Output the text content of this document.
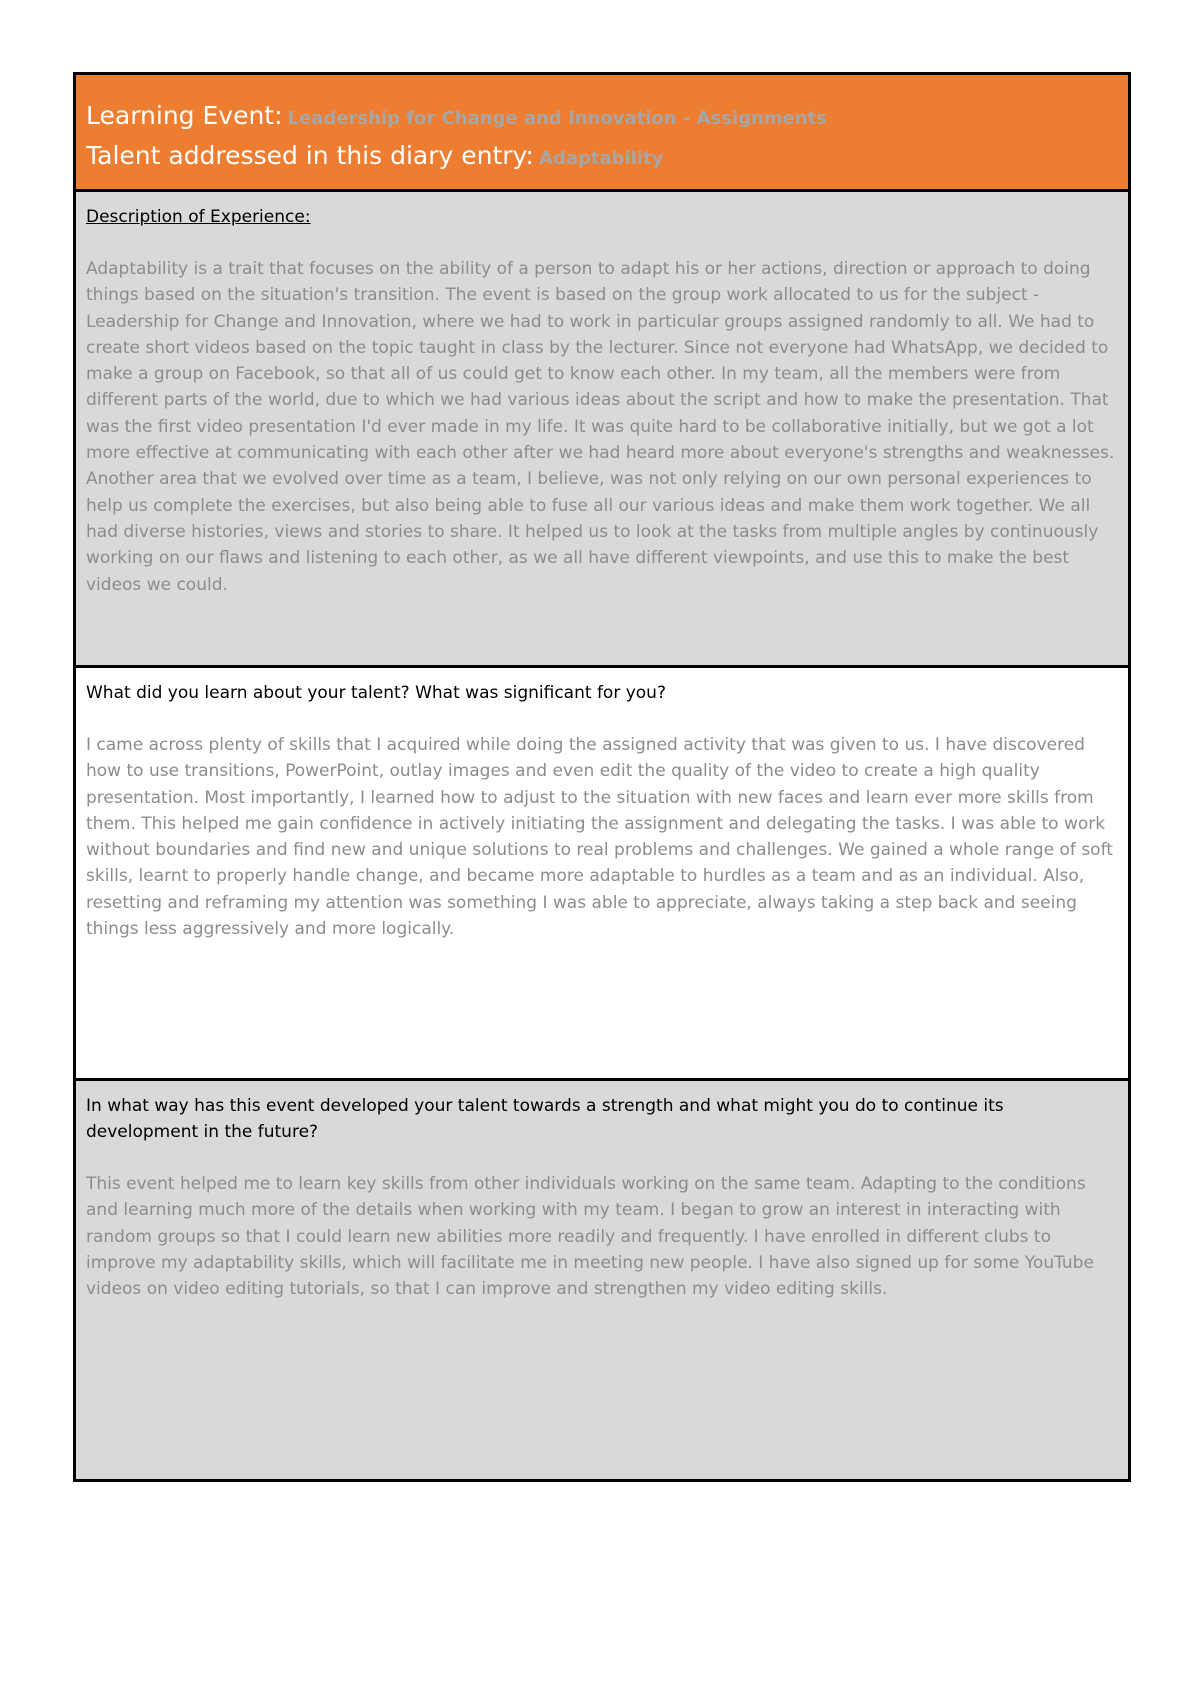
Learning Event: Leadership for Change and Innovation - Assignments
Talent addressed in this diary entry: Adaptability

Description of Experience:

Adaptability is a trait that focuses on the ability of a person to adapt his or her actions, direction or approach to doing things based on the situation's transition. The event is based on the group work allocated to us for the subject - Leadership for Change and Innovation, where we had to work in particular groups assigned randomly to all. We had to create short videos based on the topic taught in class by the lecturer. Since not everyone had WhatsApp, we decided to make a group on Facebook, so that all of us could get to know each other. In my team, all the members were from different parts of the world, due to which we had various ideas about the script and how to make the presentation. That was the first video presentation I'd ever made in my life. It was quite hard to be collaborative initially, but we got a lot more effective at communicating with each other after we had heard more about everyone's strengths and weaknesses. Another area that we evolved over time as a team, I believe, was not only relying on our own personal experiences to help us complete the exercises, but also being able to fuse all our various ideas and make them work together. We all had diverse histories, views and stories to share. It helped us to look at the tasks from multiple angles by continuously working on our flaws and listening to each other, as we all have different viewpoints, and use this to make the best videos we could.

What did you learn about your talent? What was significant for you?

I came across plenty of skills that I acquired while doing the assigned activity that was given to us. I have discovered how to use transitions, PowerPoint, outlay images and even edit the quality of the video to create a high quality presentation. Most importantly, I learned how to adjust to the situation with new faces and learn ever more skills from them. This helped me gain confidence in actively initiating the assignment and delegating the tasks. I was able to work without boundaries and find new and unique solutions to real problems and challenges. We gained a whole range of soft skills, learnt to properly handle change, and became more adaptable to hurdles as a team and as an individual. Also, resetting and reframing my attention was something I was able to appreciate, always taking a step back and seeing things less aggressively and more logically.

In what way has this event developed your talent towards a strength and what might you do to continue its development in the future?

This event helped me to learn key skills from other individuals working on the same team. Adapting to the conditions and learning much more of the details when working with my team. I began to grow an interest in interacting with random groups so that I could learn new abilities more readily and frequently. I have enrolled in different clubs to improve my adaptability skills, which will facilitate me in meeting new people. I have also signed up for some YouTube videos on video editing tutorials, so that I can improve and strengthen my video editing skills.
